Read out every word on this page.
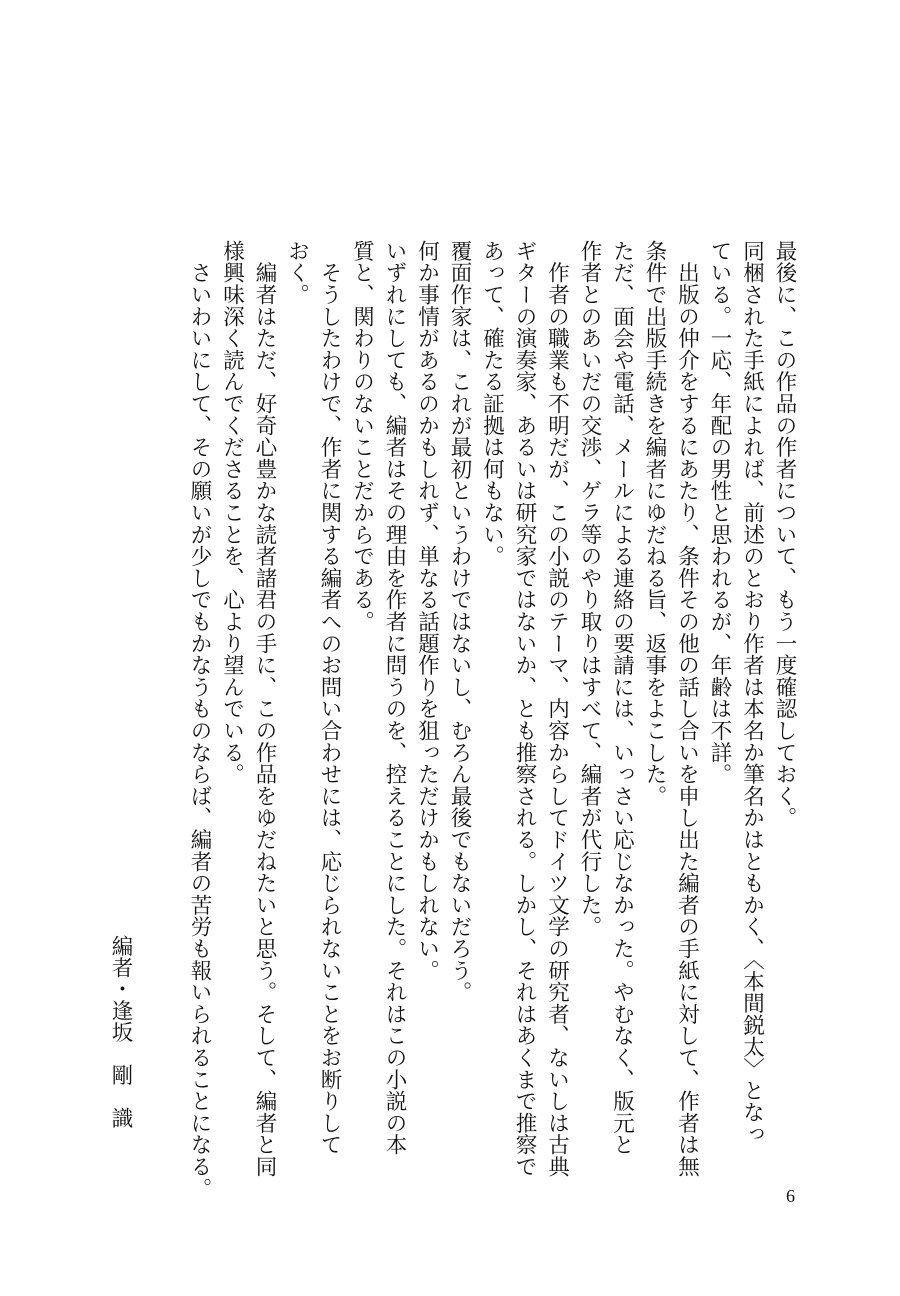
最後に、この作品の作者について、もう一度確認しておく。
同梱された手紙によれば、前述のとおり作者は本名か筆名かはともかく、〈本間鋭太〉となっ
ている。一応、年配の男性と思われるが、年齢は不詳。
　出版の仲介をするにあたり、条件その他の話し合いを申し出た編者の手紙に対して、作者は無
条件で出版手続きを編者にゆだねる旨、返事をよこした。
ただ、面会や電話、メールによる連絡の要請には、いっさい応じなかった。やむなく、版元と
作者とのあいだの交渉、ゲラ等のやり取りはすべて、編者が代行した。
　作者の職業も不明だが、この小説のテーマ、内容からしてドイツ文学の研究者、ないしは古典
ギターの演奏家、あるいは研究家ではないか、とも推察される。しかし、それはあくまで推察で
あって、確たる証拠は何もない。
覆面作家は、これが最初というわけではないし、むろん最後でもないだろう。
何か事情があるのかもしれず、単なる話題作りを狙っただけかもしれない。
いずれにしても、編者はその理由を作者に問うのを、控えることにした。それはこの小説の本
質と、関わりのないことだからである。
　そうしたわけで、作者に関する編者へのお問い合わせには、応じられないことをお断りして
おく。
　編者はただ、好奇心豊かな読者諸君の手に、この作品をゆだねたいと思う。そして、編者と同
様興味深く読んでくださることを、心より望んでいる。
　さいわいにして、その願いが少しでもかなうものならば、編者の苦労も報いられることになる。
編者・逢坂　剛　識
6
